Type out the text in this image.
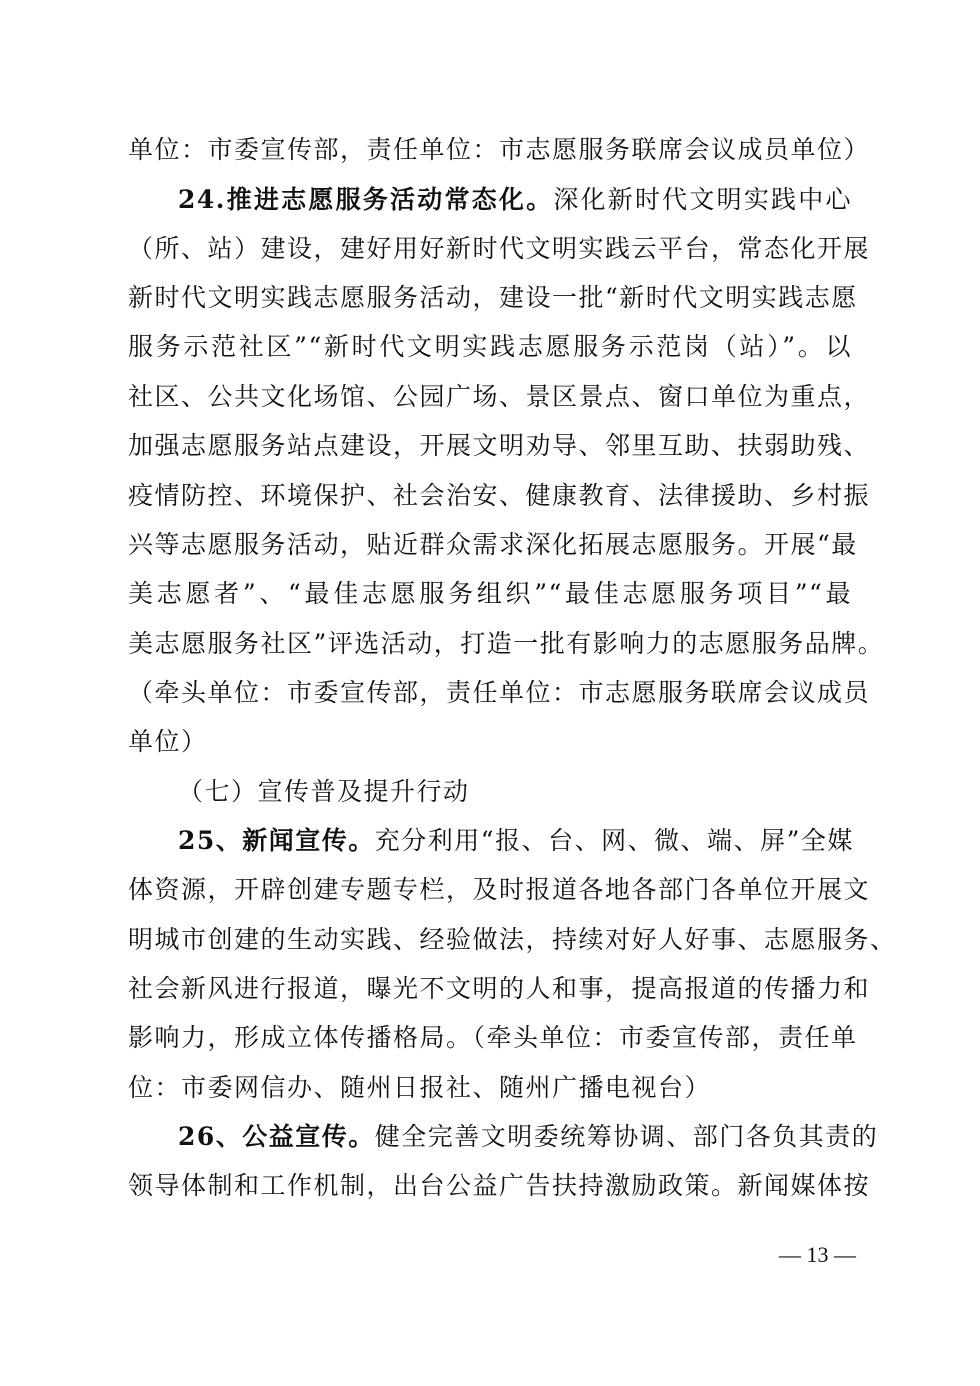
单位：市委宣传部，责任单位：市志愿服务联席会议成员单位）
24.推进志愿服务活动常态化。深化新时代文明实践中心
（所、站）建设，建好用好新时代文明实践云平台，常态化开展
新时代文明实践志愿服务活动，建设一批“新时代文明实践志愿
服务示范社区”“新时代文明实践志愿服务示范岗（站）”。以
社区、公共文化场馆、公园广场、景区景点、窗口单位为重点，
加强志愿服务站点建设，开展文明劝导、邻里互助、扶弱助残、
疫情防控、环境保护、社会治安、健康教育、法律援助、乡村振
兴等志愿服务活动，贴近群众需求深化拓展志愿服务。开展“最
美志愿者”、“最佳志愿服务组织”“最佳志愿服务项目”“最
美志愿服务社区”评选活动，打造一批有影响力的志愿服务品牌。
（牵头单位：市委宣传部，责任单位：市志愿服务联席会议成员
单位）
（七）宣传普及提升行动
25、新闻宣传。充分利用“报、台、网、微、端、屏”全媒
体资源，开辟创建专题专栏，及时报道各地各部门各单位开展文
明城市创建的生动实践、经验做法，持续对好人好事、志愿服务、
社会新风进行报道，曝光不文明的人和事，提高报道的传播力和
影响力，形成立体传播格局。（牵头单位：市委宣传部，责任单
位：市委网信办、随州日报社、随州广播电视台）
26、公益宣传。健全完善文明委统筹协调、部门各负其责的
领导体制和工作机制，出台公益广告扶持激励政策。新闻媒体按
— 13 —
